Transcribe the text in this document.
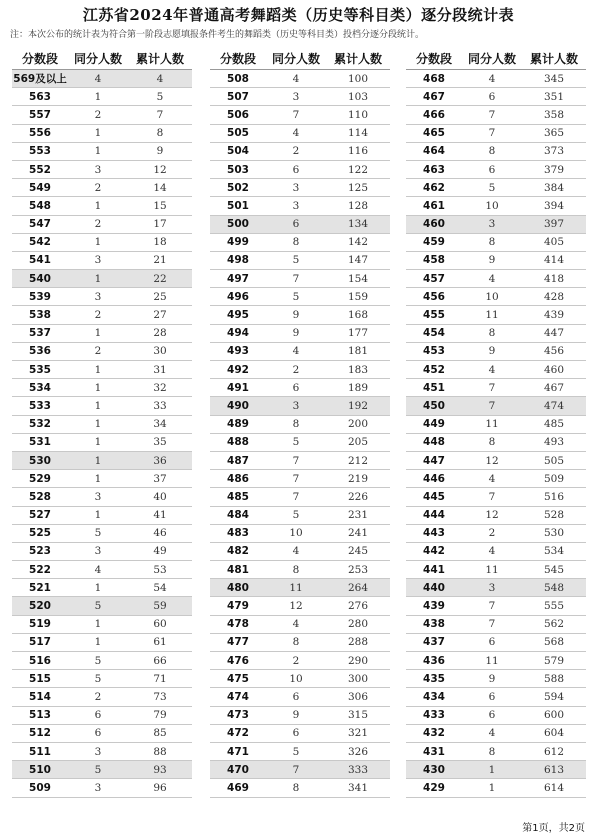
江苏省2024年普通高考舞蹈类（历史等科目类）逐分段统计表
注：本次公布的统计表为符合第一阶段志愿填报条件考生的舞蹈类（历史等科目类）投档分逐分段统计。
分数段	同分人数	累计人数
569及以上	4	4
563	1	5
557	2	7
556	1	8
553	1	9
552	3	12
549	2	14
548	1	15
547	2	17
542	1	18
541	3	21
540	1	22
539	3	25
538	2	27
537	1	28
536	2	30
535	1	31
534	1	32
533	1	33
532	1	34
531	1	35
530	1	36
529	1	37
528	3	40
527	1	41
525	5	46
523	3	49
522	4	53
521	1	54
520	5	59
519	1	60
517	1	61
516	5	66
515	5	71
514	2	73
513	6	79
512	6	85
511	3	88
510	5	93
509	3	96
分数段	同分人数	累计人数
508	4	100
507	3	103
506	7	110
505	4	114
504	2	116
503	6	122
502	3	125
501	3	128
500	6	134
499	8	142
498	5	147
497	7	154
496	5	159
495	9	168
494	9	177
493	4	181
492	2	183
491	6	189
490	3	192
489	8	200
488	5	205
487	7	212
486	7	219
485	7	226
484	5	231
483	10	241
482	4	245
481	8	253
480	11	264
479	12	276
478	4	280
477	8	288
476	2	290
475	10	300
474	6	306
473	9	315
472	6	321
471	5	326
470	7	333
469	8	341
分数段	同分人数	累计人数
468	4	345
467	6	351
466	7	358
465	7	365
464	8	373
463	6	379
462	5	384
461	10	394
460	3	397
459	8	405
458	9	414
457	4	418
456	10	428
455	11	439
454	8	447
453	9	456
452	4	460
451	7	467
450	7	474
449	11	485
448	8	493
447	12	505
446	4	509
445	7	516
444	12	528
443	2	530
442	4	534
441	11	545
440	3	548
439	7	555
438	7	562
437	6	568
436	11	579
435	9	588
434	6	594
433	6	600
432	4	604
431	8	612
430	1	613
429	1	614
第1页，共2页
